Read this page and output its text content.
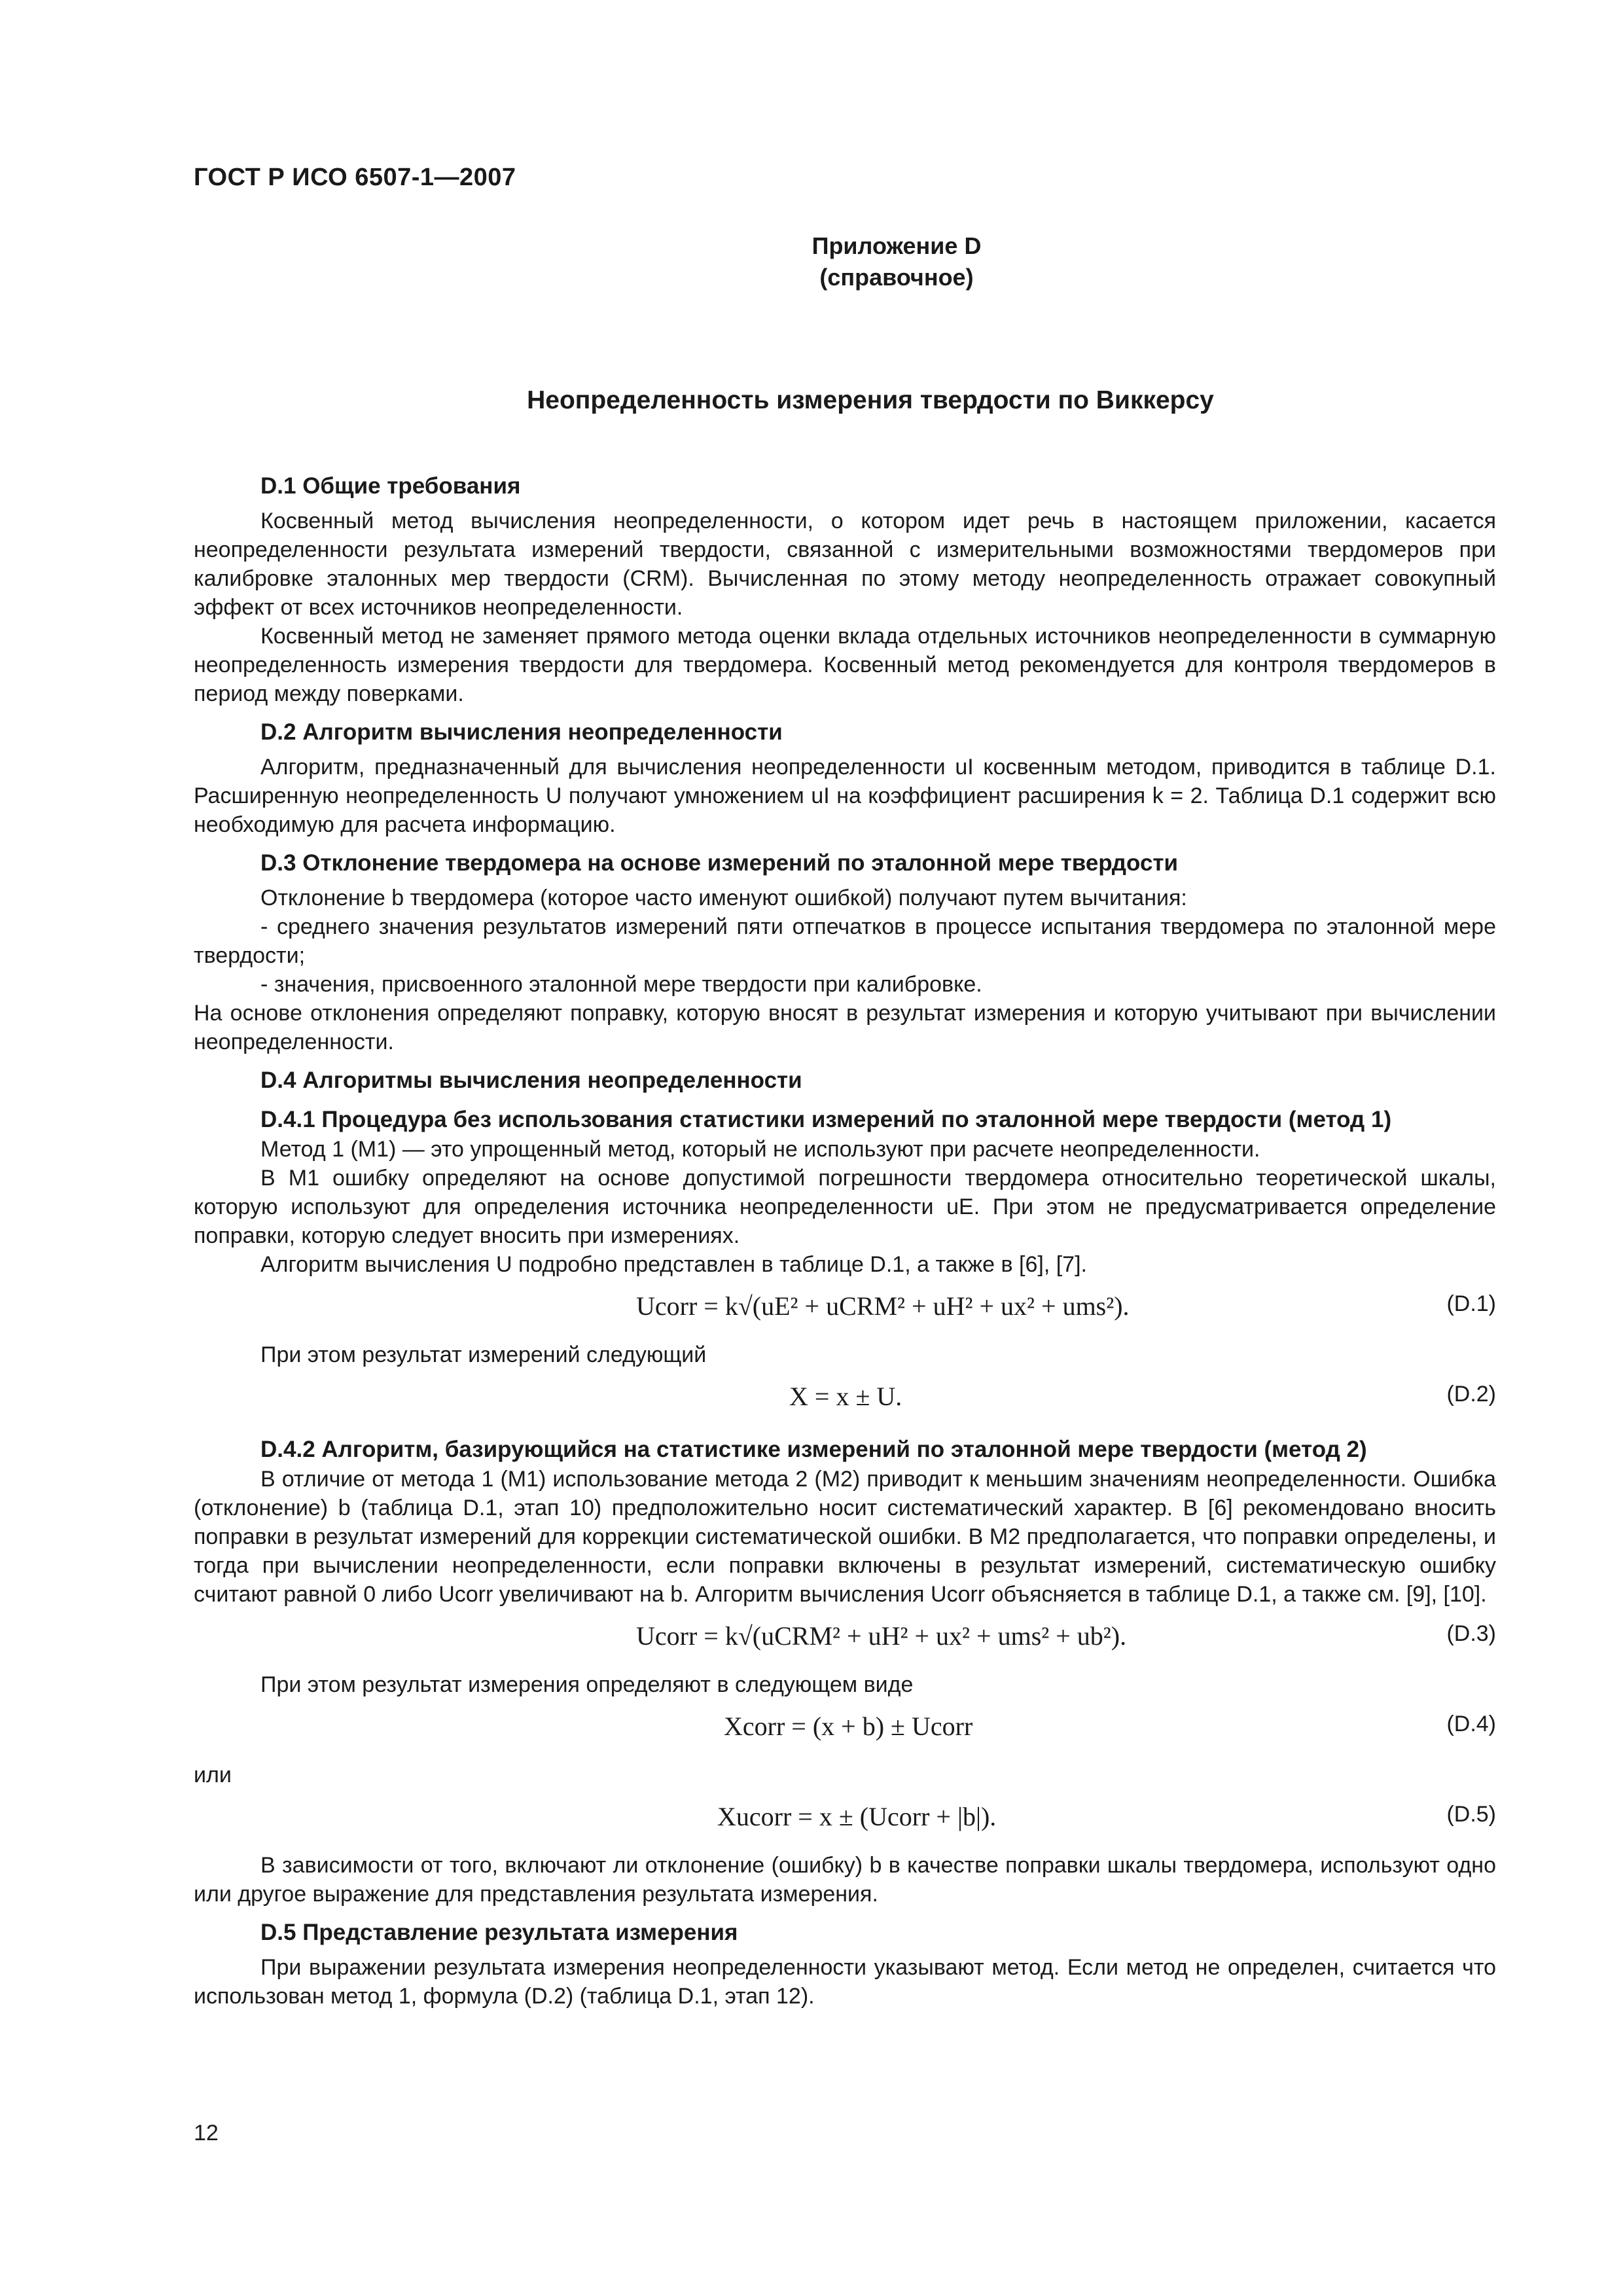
ГОСТ Р ИСО 6507-1—2007
Приложение D
(справочное)
Неопределенность измерения твердости по Виккерсу
D.1 Общие требования

Косвенный метод вычисления неопределенности, о котором идет речь в настоящем приложении, касается неопределенности результата измерений твердости, связанной с измерительными возможностями твердомеров при калибровке эталонных мер твердости (CRM). Вычисленная по этому методу неопределенность отражает совокупный эффект от всех источников неопределенности.

Косвенный метод не заменяет прямого метода оценки вклада отдельных источников неопределенности в суммарную неопределенность измерения твердости для твердомера. Косвенный метод рекомендуется для контроля твердомеров в период между поверками.

D.2 Алгоритм вычисления неопределенности

Алгоритм, предназначенный для вычисления неопределенности uI косвенным методом, приводится в таблице D.1. Расширенную неопределенность U получают умножением uI на коэффициент расширения k = 2. Таблица D.1 содержит всю необходимую для расчета информацию.

D.3 Отклонение твердомера на основе измерений по эталонной мере твердости

Отклонение b твердомера (которое часто именуют ошибкой) получают путем вычитания:

- среднего значения результатов измерений пяти отпечатков в процессе испытания твердомера по эталонной мере твердости;

- значения, присвоенного эталонной мере твердости при калибровке.

На основе отклонения определяют поправку, которую вносят в результат измерения и которую учитывают при вычислении неопределенности.

D.4 Алгоритмы вычисления неопределенности
D.4.1 Процедура без использования статистики измерений по эталонной мере твердости (метод 1)

Метод 1 (M1) — это упрощенный метод, который не используют при расчете неопределенности.

В M1 ошибку определяют на основе допустимой погрешности твердомера относительно теоретической шкалы, которую используют для определения источника неопределенности uE. При этом не предусматривается определение поправки, которую следует вносить при измерениях.

Алгоритм вычисления U подробно представлен в таблице D.1, а также в [6], [7].

Ucorr = k√(uE² + uCRM² + uH² + ux² + ums²).	(D.1)

При этом результат измерений следующий

X = x ± U.	(D.2)
D.4.2 Алгоритм, базирующийся на статистике измерений по эталонной мере твердости (метод 2)

В отличие от метода 1 (M1) использование метода 2 (M2) приводит к меньшим значениям неопределенности. Ошибка (отклонение) b (таблица D.1, этап 10) предположительно носит систематический характер. В [6] рекомендовано вносить поправки в результат измерений для коррекции систематической ошибки. В M2 предполагается, что поправки определены, и тогда при вычислении неопределенности, если поправки включены в результат измерений, систематическую ошибку считают равной 0 либо Ucorr увеличивают на b. Алгоритм вычисления Ucorr объясняется в таблице D.1, а также см. [9], [10].

Ucorr = k√(uCRM² + uH² + ux² + ums² + ub²).	(D.3)

При этом результат измерения определяют в следующем виде

Xcorr = (x + b) ± Ucorr	(D.4)

или

Xucorr = x ± (Ucorr + |b|).	(D.5)

В зависимости от того, включают ли отклонение (ошибку) b в качестве поправки шкалы твердомера, используют одно или другое выражение для представления результата измерения.

D.5 Представление результата измерения

При выражении результата измерения неопределенности указывают метод. Если метод не определен, считается что использован метод 1, формула (D.2) (таблица D.1, этап 12).

12
